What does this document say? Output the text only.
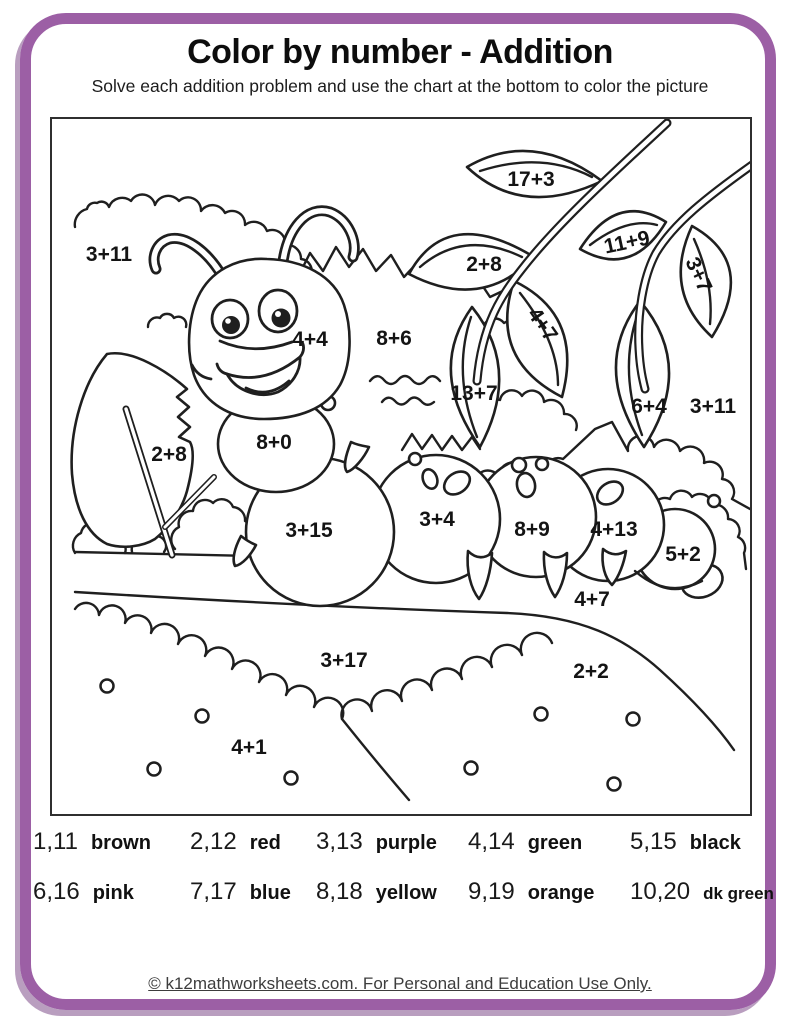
Color by number - Addition
Solve each addition problem and use the chart at the bottom to color the picture
3+11
17+3
2+8
11+9
3+7
4+4 8+6	4+7
13+7
6+4 3+11
2+8
8+0
3+15	3+4	8+9 4+13
5+2
4+7
3+17	2+2
4+1
1,11 brown 2,12 red 3,13 purple 4,14 green 5,15 black
6,16 pink 7,17 blue 8,18 yellow 9,19 orange 10,20 dk green
© k12mathworksheets.com. For Personal and Education Use Only.
